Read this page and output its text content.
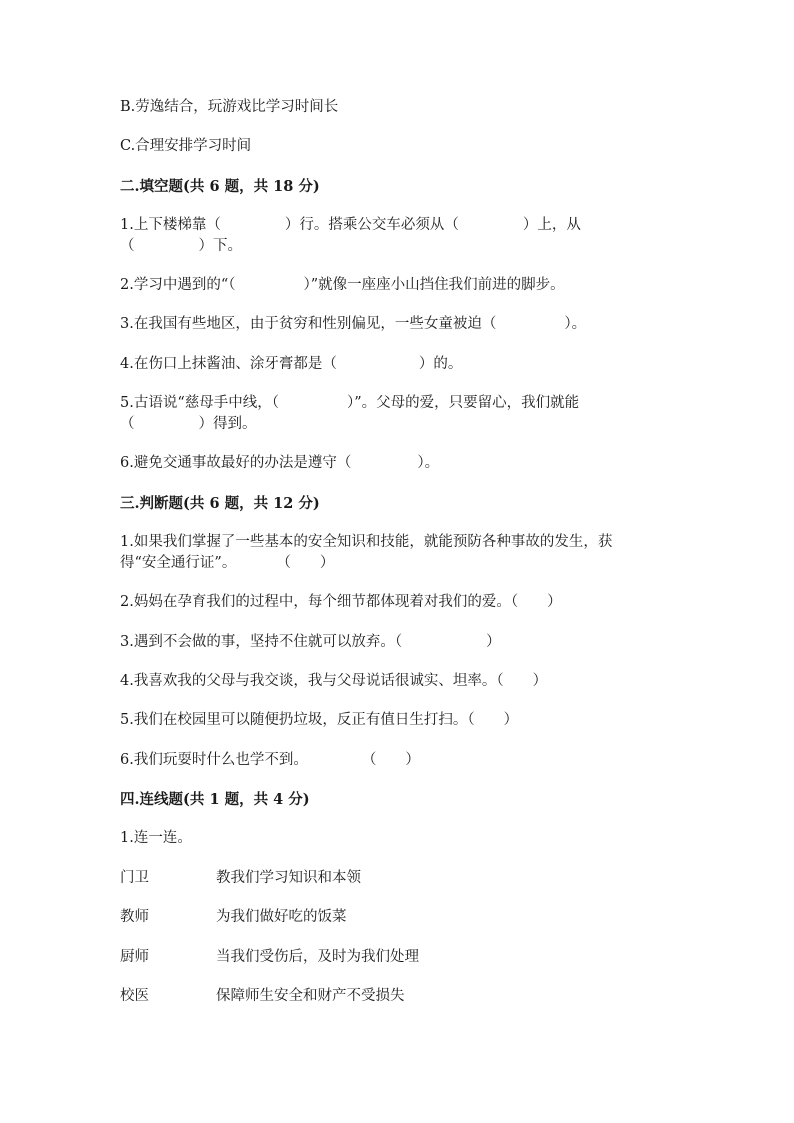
B.劳逸结合，玩游戏比学习时间长
C.合理安排学习时间
二.填空题(共 6 题，共 18 分)
1.上下楼梯靠（	）行。搭乘公交车必须从（	）上，从
（	）下。
2.学习中遇到的“（	）”就像一座座小山挡住我们前进的脚步。
3.在我国有些地区，由于贫穷和性别偏见，一些女童被迫（	）。
4.在伤口上抹酱油、涂牙膏都是（	）的。
5.古语说“慈母手中线，（	）”。父母的爱，只要留心，我们就能
（	）得到。
6.避免交通事故最好的办法是遵守（	）。
三.判断题(共 6 题，共 12 分)
1.如果我们掌握了一些基本的安全知识和技能，就能预防各种事故的发生，获
得“安全通行证”。	（　　）
2.妈妈在孕育我们的过程中，每个细节都体现着对我们的爱。（　　）
3.遇到不会做的事，坚持不住就可以放弃。（	）
4.我喜欢我的父母与我交谈，我与父母说话很诚实、坦率。（　　）
5.我们在校园里可以随便扔垃圾，反正有值日生打扫。（　　）
6.我们玩耍时什么也学不到。	（　　）
四.连线题(共 1 题，共 4 分)
1.连一连。
门卫	教我们学习知识和本领
教师	为我们做好吃的饭菜
厨师	当我们受伤后，及时为我们处理
校医	保障师生安全和财产不受损失
